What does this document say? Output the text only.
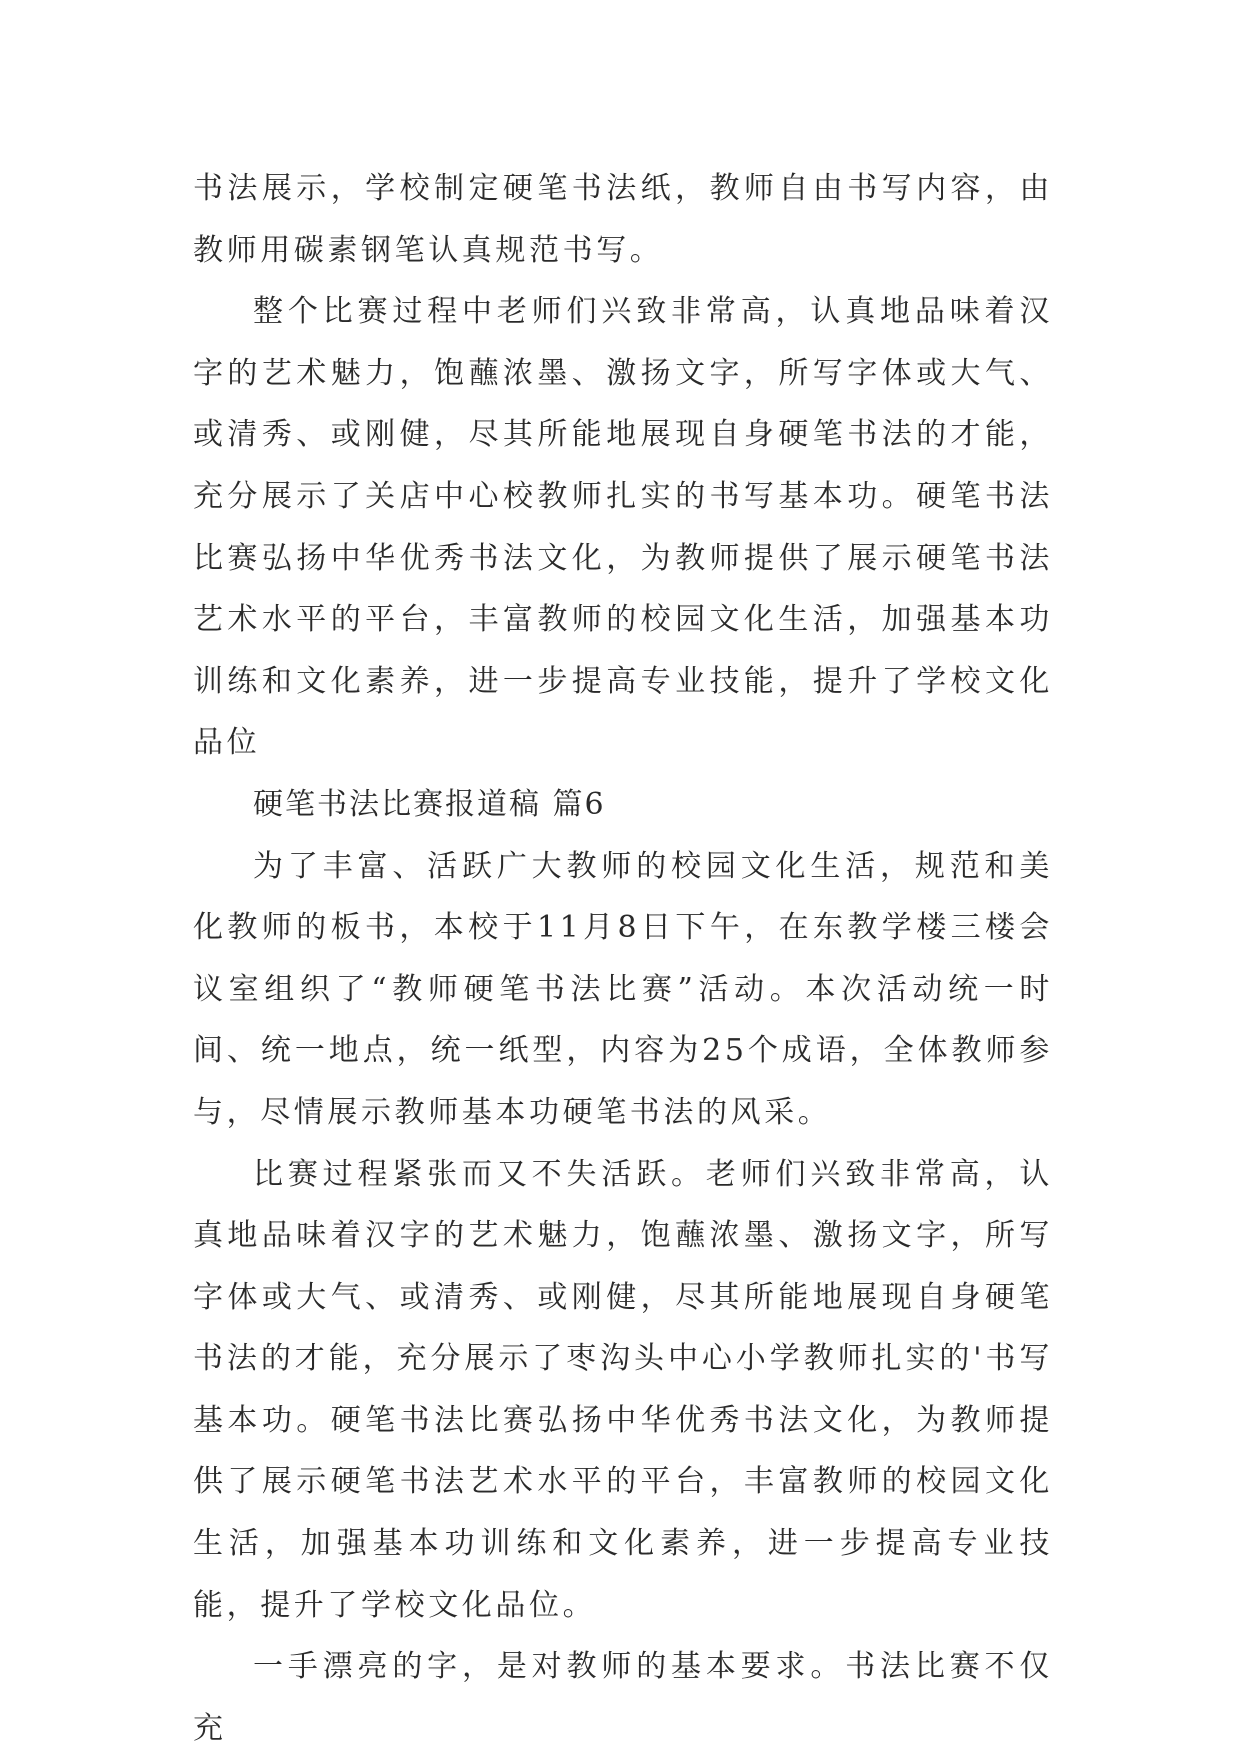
书法展示，学校制定硬笔书法纸，教师自由书写内容，由教师用碳素钢笔认真规范书写。

整个比赛过程中老师们兴致非常高，认真地品味着汉字的艺术魅力，饱蘸浓墨、激扬文字，所写字体或大气、或清秀、或刚健，尽其所能地展现自身硬笔书法的才能，充分展示了关店中心校教师扎实的书写基本功。硬笔书法比赛弘扬中华优秀书法文化，为教师提供了展示硬笔书法艺术水平的平台，丰富教师的校园文化生活，加强基本功训练和文化素养，进一步提高专业技能，提升了学校文化品位

硬笔书法比赛报道稿 篇6

为了丰富、活跃广大教师的校园文化生活，规范和美化教师的板书，本校于11月8日下午，在东教学楼三楼会议室组织了“教师硬笔书法比赛”活动。本次活动统一时间、统一地点，统一纸型，内容为25个成语，全体教师参与，尽情展示教师基本功硬笔书法的风采。

比赛过程紧张而又不失活跃。老师们兴致非常高，认真地品味着汉字的艺术魅力，饱蘸浓墨、激扬文字，所写字体或大气、或清秀、或刚健，尽其所能地展现自身硬笔书法的才能，充分展示了枣沟头中心小学教师扎实的'书写基本功。硬笔书法比赛弘扬中华优秀书法文化，为教师提供了展示硬笔书法艺术水平的平台，丰富教师的校园文化生活，加强基本功训练和文化素养，进一步提高专业技能，提升了学校文化品位。

一手漂亮的字，是对教师的基本要求。书法比赛不仅充
